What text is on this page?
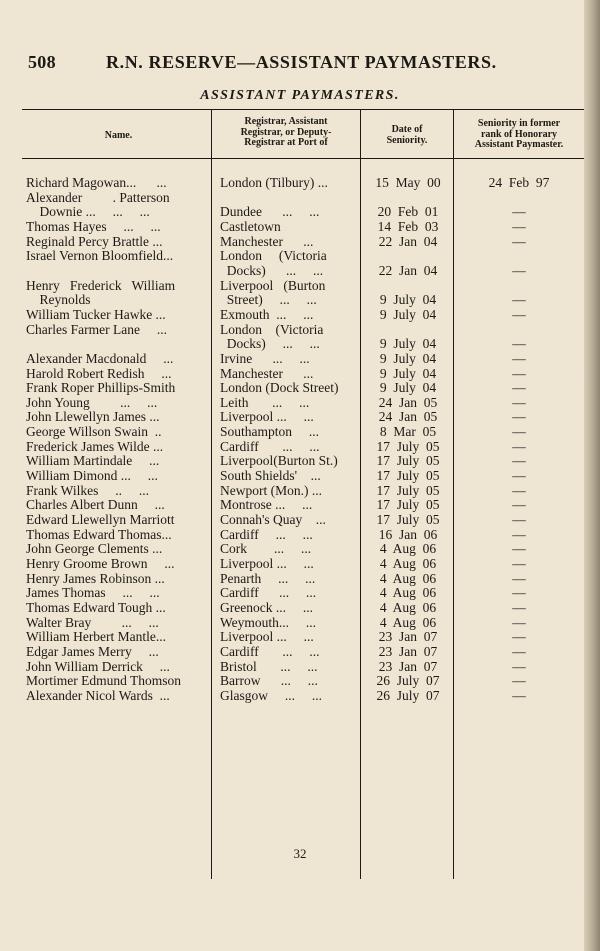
508	R.N. RESERVE—ASSISTANT PAYMASTERS.
ASSISTANT PAYMASTERS.
Name.
Registrar, Assistant
Registrar, or Deputy-
Registrar at Port of
Date of
Seniority.
Seniority in former
rank of Honorary
Assistant Paymaster.
Richard Magowan...      ...	London (Tilbury) ...	15  May  00	24  Feb  97
Alexander         . Patterson
Downie ...     ...     ...	Dundee      ...     ...	20  Feb  01	—
Thomas Hayes     ...     ...	Castletown	14  Feb  03	—
Reginald Percy Brattle ...	Manchester      ...	22  Jan  04	—
Israel Vernon Bloomfield...	London     (Victoria
Docks)      ...     ...	22  Jan  04	—
Henry   Frederick   William	Liverpool   (Burton
Reynolds	Street)     ...     ...	9  July  04	—
William Tucker Hawke ...	Exmouth  ...     ...	9  July  04	—
Charles Farmer Lane     ...	London    (Victoria
Docks)     ...     ...	9  July  04	—
Alexander Macdonald     ...	Irvine      ...     ...	9  July  04	—
Harold Robert Redish     ...	Manchester      ...	9  July  04	—
Frank Roper Phillips-Smith	London (Dock Street)	9  July  04	—
John Young         ...     ...	Leith       ...     ...	24  Jan  05	—
John Llewellyn James ...	Liverpool ...     ...	24  Jan  05	—
George Willson Swain  ..	Southampton     ...	8  Mar  05	—
Frederick James Wilde ...	Cardiff       ...     ...	17  July  05	—
William Martindale     ...	Liverpool(Burton St.)	17  July  05	—
William Dimond ...     ...	South Shields'    ...	17  July  05	—
Frank Wilkes     ..     ...	Newport (Mon.) ...	17  July  05	—
Charles Albert Dunn     ...	Montrose ...     ...	17  July  05	—
Edward Llewellyn Marriott	Connah's Quay    ...	17  July  05	—
Thomas Edward Thomas...	Cardiff     ...     ...	16  Jan  06	—
John George Clements ...	Cork        ...     ...	4  Aug  06	—
Henry Groome Brown     ...	Liverpool ...     ...	4  Aug  06	—
Henry James Robinson ...	Penarth     ...     ...	4  Aug  06	—
James Thomas     ...     ...	Cardiff      ...     ...	4  Aug  06	—
Thomas Edward Tough ...	Greenock ...     ...	4  Aug  06	—
Walter Bray         ...     ...	Weymouth...     ...	4  Aug  06	—
William Herbert Mantle...	Liverpool ...     ...	23  Jan  07	—
Edgar James Merry     ...	Cardiff       ...     ...	23  Jan  07	—
John William Derrick     ...	Bristol       ...     ...	23  Jan  07	—
Mortimer Edmund Thomson	Barrow      ...     ...	26  July  07	—
Alexander Nicol Wards  ...	Glasgow     ...     ...	26  July  07	—
32
